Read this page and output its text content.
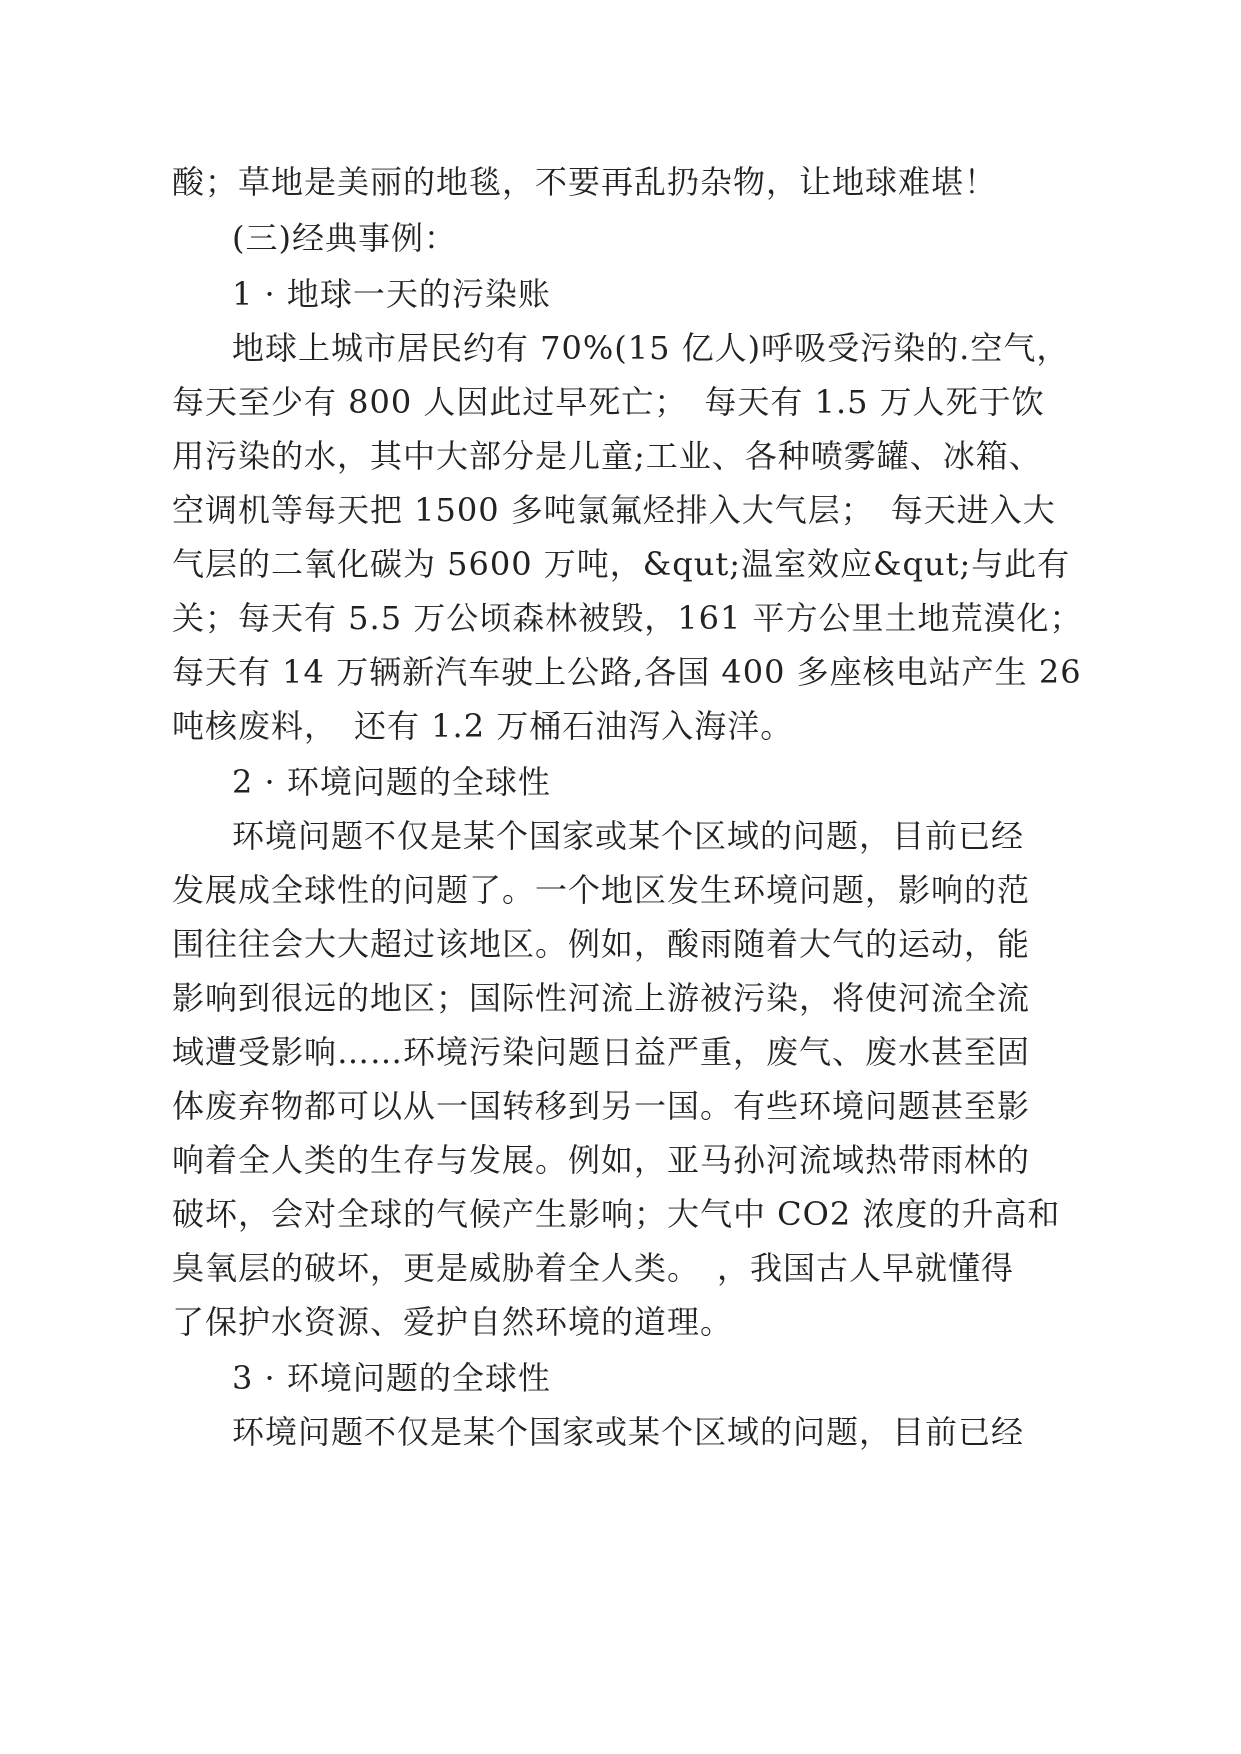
酸；草地是美丽的地毯，不要再乱扔杂物，让地球难堪！
(三)经典事例：
1 · 地球一天的污染账
地球上城市居民约有 70%(15 亿人)呼吸受污染的.空气，
每天至少有 800 人因此过早死亡；　每天有 1.5 万人死于饮
用污染的水，其中大部分是儿童;工业、各种喷雾罐、冰箱、
空调机等每天把 1500 多吨氯氟烃排入大气层；　每天进入大
气层的二氧化碳为 5600 万吨，&qut;温室效应&qut;与此有
关；每天有 5.5 万公顷森林被毁，161 平方公里土地荒漠化；
每天有 14 万辆新汽车驶上公路,各国 400 多座核电站产生 26
吨核废料，　还有 1.2 万桶石油泻入海洋。
2 · 环境问题的全球性
环境问题不仅是某个国家或某个区域的问题，目前已经
发展成全球性的问题了。一个地区发生环境问题，影响的范
围往往会大大超过该地区。例如，酸雨随着大气的运动，能
影响到很远的地区；国际性河流上游被污染，将使河流全流
域遭受影响……环境污染问题日益严重，废气、废水甚至固
体废弃物都可以从一国转移到另一国。有些环境问题甚至影
响着全人类的生存与发展。例如，亚马孙河流域热带雨林的
破坏，会对全球的气候产生影响；大气中 CO2 浓度的升高和
臭氧层的破坏，更是威胁着全人类。　，我国古人早就懂得
了保护水资源、爱护自然环境的道理。
3 · 环境问题的全球性
环境问题不仅是某个国家或某个区域的问题，目前已经
